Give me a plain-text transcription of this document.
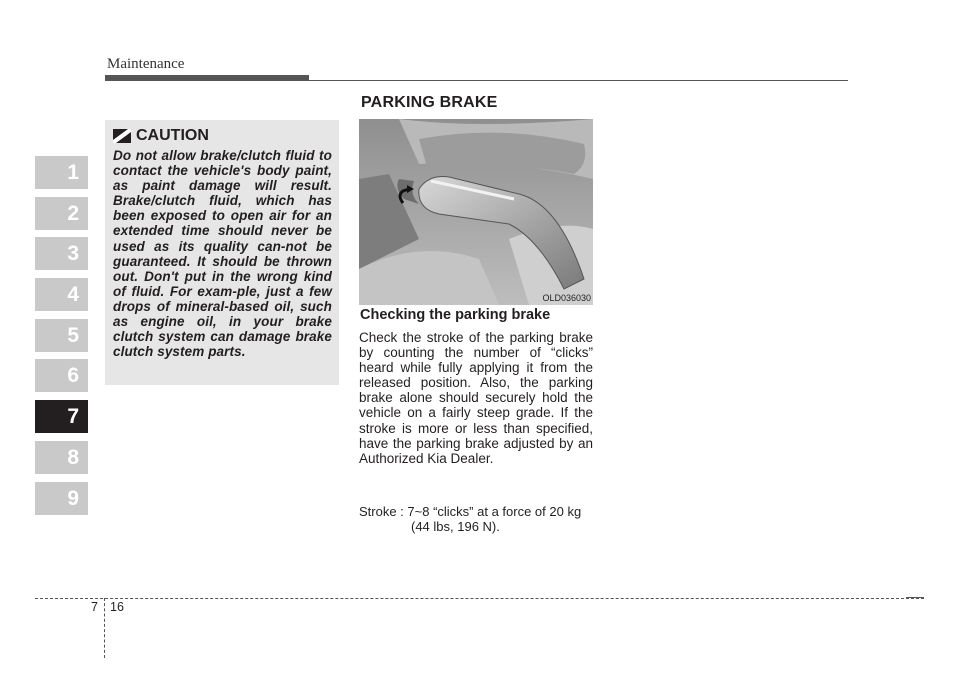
Maintenance
1
2
3
4
5
6
7
8
9
CAUTION
Do not allow brake/clutch fluid to contact the vehicle's body paint, as paint damage will result. Brake/clutch fluid, which has been exposed to open air for an extended time should never be used as its quality can-not be guaranteed. It should be thrown out. Don't put in the wrong kind of fluid. For exam-ple, just a few drops of mineral-based oil, such as engine oil, in your brake clutch system can damage brake clutch system parts.
PARKING BRAKE
OLD036030
Checking the parking brake
Check the stroke of the parking brake by counting the number of “clicks” heard while fully applying it from the released position. Also, the parking brake alone should securely hold the vehicle on a fairly steep grade. If the stroke is more or less than specified, have the parking brake adjusted by an Authorized Kia Dealer.
Stroke : 7~8 “clicks” at a force of 20 kg
(44 lbs, 196 N).
7 16
